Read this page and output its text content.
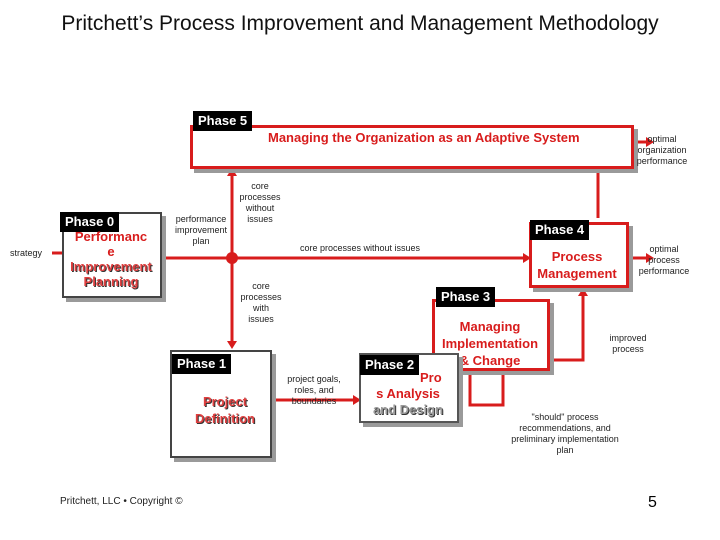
Pritchett’s Process Improvement and Management Methodology
Phase 5
Managing the Organization as an Adaptive System
Phase 4
Process
Management
Phase 3
Managing
Implementation
& Change
Phase 2
Pro
s Analysis
and Design
Phase 1
Project
Definition
Phase 0
Performanc
e
Improvement
Planning
strategy
optimal
organization
performance
core
processes
without
issues
performance
improvement
plan
core processes without issues	optimal
process
performance
core
processes
with
issues
improved
process
project goals,
roles, and
boundaries
"should" process
recommendations, and
preliminary implementation
plan
Pritchett, LLC • Copyright ©	5
